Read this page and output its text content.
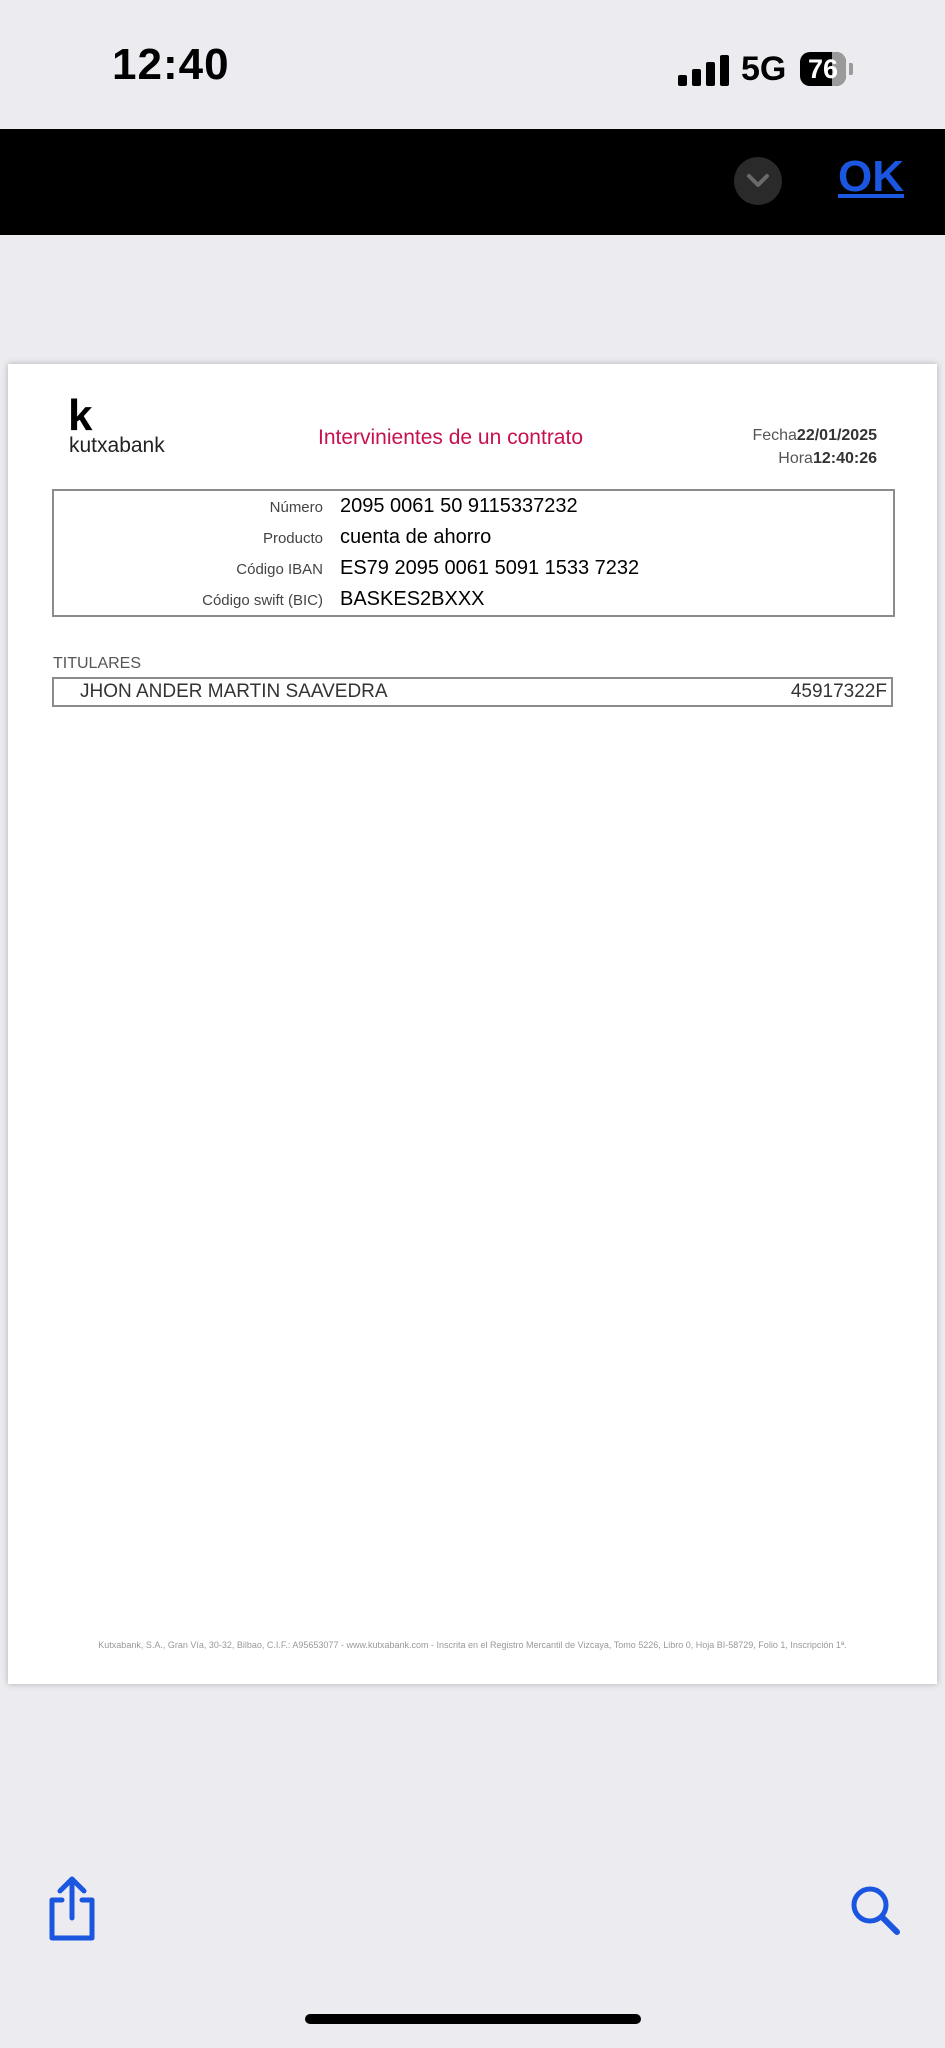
12:40	5G 76
OK
k
kutxabank	Intervinientes de un contrato	Fecha22/01/2025
Hora12:40:26
Número 2095 0061 50 9115337232
Producto cuenta de ahorro
Código IBAN ES79 2095 0061 5091 1533 7232
Código swift (BIC) BASKES2BXXX
TITULARES
JHON ANDER MARTIN SAAVEDRA	45917322F
Kutxabank, S.A., Gran Vía, 30-32, Bilbao, C.I.F.: A95653077 - www.kutxabank.com - Inscrita en el Registro Mercantil de Vizcaya, Tomo 5226, Libro 0, Hoja BI-58729, Folio 1, Inscripción 1ª.
